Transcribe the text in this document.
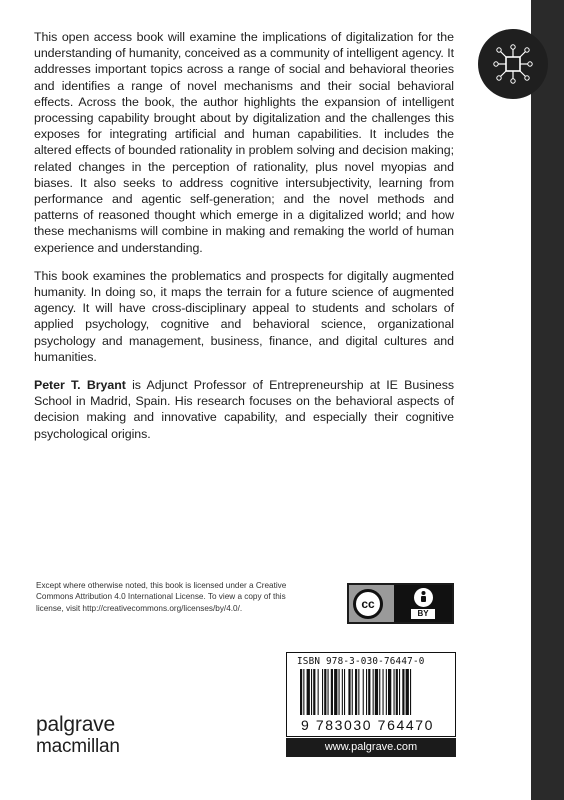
This open access book will examine the implications of digitalization for the understanding of humanity, conceived as a community of intelligent agency. It addresses important topics across a range of social and behavioral theories and identifies a range of novel mechanisms and their social behavioral effects. Across the book, the author highlights the expansion of intelligent processing capability brought about by digitalization and the challenges this exposes for integrating artificial and human capabilities. It includes the altered effects of bounded rationality in problem solving and decision making; related changes in the perception of rationality, plus novel myopias and biases. It also seeks to address cognitive intersubjectivity, learning from performance and agentic self-generation; and the novel methods and patterns of reasoned thought which emerge in a digitalized world; and how these mechanisms will combine in making and remaking the world of human experience and understanding.

This book examines the problematics and prospects for digitally augmented humanity. In doing so, it maps the terrain for a future science of augmented agency. It will have cross-disciplinary appeal to students and scholars of applied psychology, cognitive and behavioral science, organizational psychology and management, business, finance, and digital cultures and humanities.

Peter T. Bryant is Adjunct Professor of Entrepreneurship at IE Business School in Madrid, Spain. His research focuses on the behavioral aspects of decision making and innovative capability, and especially their cognitive psychological origins.

Except where otherwise noted, this book is licensed under a Creative Commons Attribution 4.0 International License. To view a copy of this license, visit http://creativecommons.org/licenses/by/4.0/.	cc
BY
ISBN 978-3-030-76447-0
9 783030 764470
www.palgrave.com
palgrave
macmillan
